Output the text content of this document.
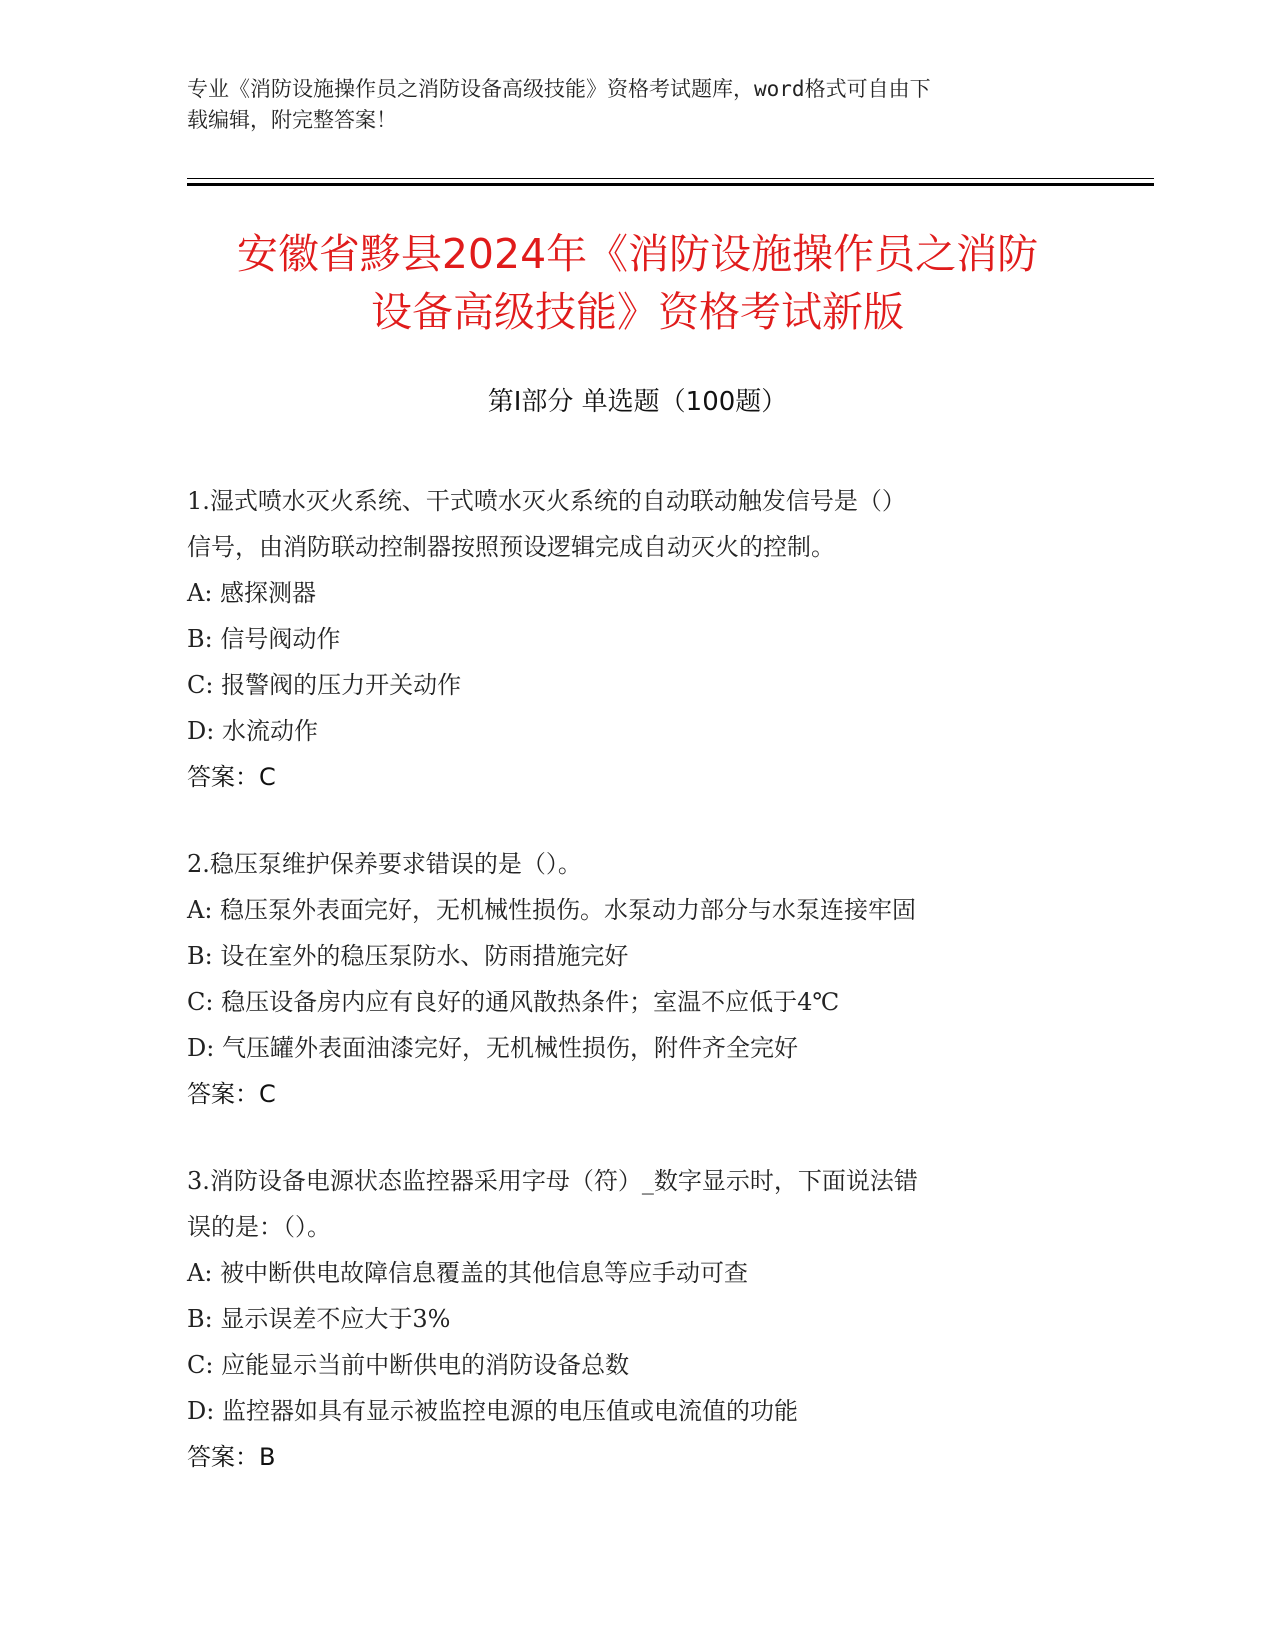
专业《消防设施操作员之消防设备高级技能》资格考试题库，word格式可自由下
载编辑，附完整答案！
安徽省黟县2024年《消防设施操作员之消防
设备高级技能》资格考试新版
第Ⅰ部分 单选题（100题）
1.湿式喷水灭火系统、干式喷水灭火系统的自动联动触发信号是（）
信号，由消防联动控制器按照预设逻辑完成自动灭火的控制。
A: 感探测器
B: 信号阀动作
C: 报警阀的压力开关动作
D: 水流动作
答案：C
2.稳压泵维护保养要求错误的是（）。
A: 稳压泵外表面完好，无机械性损伤。水泵动力部分与水泵连接牢固
B: 设在室外的稳压泵防水、防雨措施完好
C: 稳压设备房内应有良好的通风散热条件；室温不应低于4℃
D: 气压罐外表面油漆完好，无机械性损伤，附件齐全完好
答案：C
3.消防设备电源状态监控器采用字母（符）_数字显示时，下面说法错
误的是：（）。
A: 被中断供电故障信息覆盖的其他信息等应手动可查
B: 显示误差不应大于3%
C: 应能显示当前中断供电的消防设备总数
D: 监控器如具有显示被监控电源的电压值或电流值的功能
答案：B
